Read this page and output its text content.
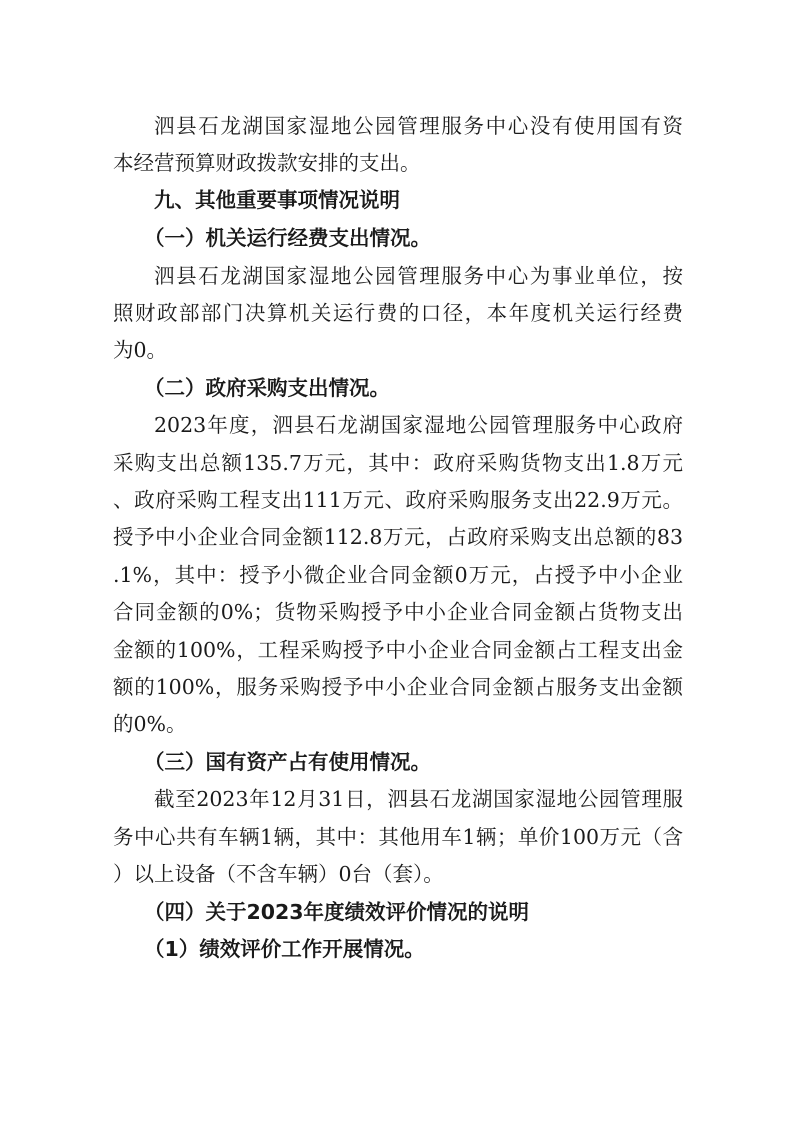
泗县石龙湖国家湿地公园管理服务中心没有使用国有资
本经营预算财政拨款安排的支出。
九、其他重要事项情况说明
（一）机关运行经费支出情况。
泗县石龙湖国家湿地公园管理服务中心为事业单位，按
照财政部部门决算机关运行费的口径，本年度机关运行经费
为0。
（二）政府采购支出情况。
2023年度，泗县石龙湖国家湿地公园管理服务中心政府
采购支出总额135.7万元，其中：政府采购货物支出1.8万元
、政府采购工程支出111万元、政府采购服务支出22.9万元。
授予中小企业合同金额112.8万元，占政府采购支出总额的83
.1%，其中：授予小微企业合同金额0万元，占授予中小企业
合同金额的0%；货物采购授予中小企业合同金额占货物支出
金额的100%，工程采购授予中小企业合同金额占工程支出金
额的100%，服务采购授予中小企业合同金额占服务支出金额
的0%。
（三）国有资产占有使用情况。
截至2023年12月31日，泗县石龙湖国家湿地公园管理服
务中心共有车辆1辆，其中：其他用车1辆；单价100万元（含
）以上设备（不含车辆）0台（套）。
（四）关于2023年度绩效评价情况的说明
（1）绩效评价工作开展情况。
